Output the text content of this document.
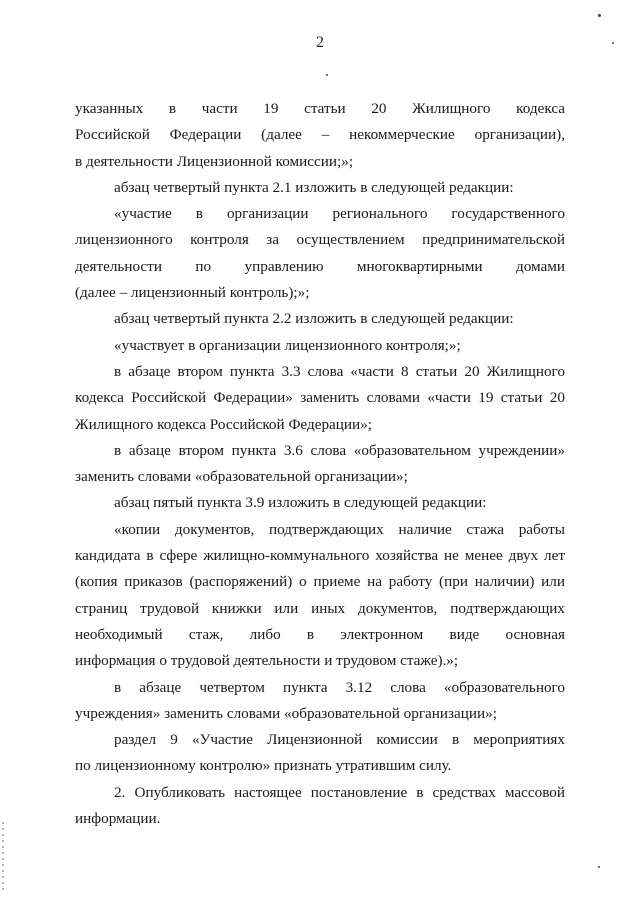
2
указанных в части 19 статьи 20 Жилищного кодекса
Российской Федерации (далее – некоммерческие организации),
в деятельности Лицензионной комиссии;»;
абзац четвертый пункта 2.1 изложить в следующей редакции:
«участие в организации регионального государственного
лицензионного контроля за осуществлением предпринимательской
деятельности по управлению многоквартирными домами
(далее – лицензионный контроль);»;
абзац четвертый пункта 2.2 изложить в следующей редакции:
«участвует в организации лицензионного контроля;»;
в абзаце втором пункта 3.3 слова «части 8 статьи 20 Жилищного
кодекса Российской Федерации» заменить словами «части 19 статьи 20
Жилищного кодекса Российской Федерации»;
в абзаце втором пункта 3.6 слова «образовательном учреждении»
заменить словами «образовательной организации»;
абзац пятый пункта 3.9 изложить в следующей редакции:
«копии документов, подтверждающих наличие стажа работы
кандидата в сфере жилищно-коммунального хозяйства не менее двух лет
(копия приказов (распоряжений) о приеме на работу (при наличии) или
страниц трудовой книжки или иных документов, подтверждающих
необходимый стаж, либо в электронном виде основная
информация о трудовой деятельности и трудовом стаже).»;
в абзаце четвертом пункта 3.12 слова «образовательного
учреждения» заменить словами «образовательной организации»;
раздел 9 «Участие Лицензионной комиссии в мероприятиях
по лицензионному контролю» признать утратившим силу.
2. Опубликовать настоящее постановление в средствах массовой
информации.
